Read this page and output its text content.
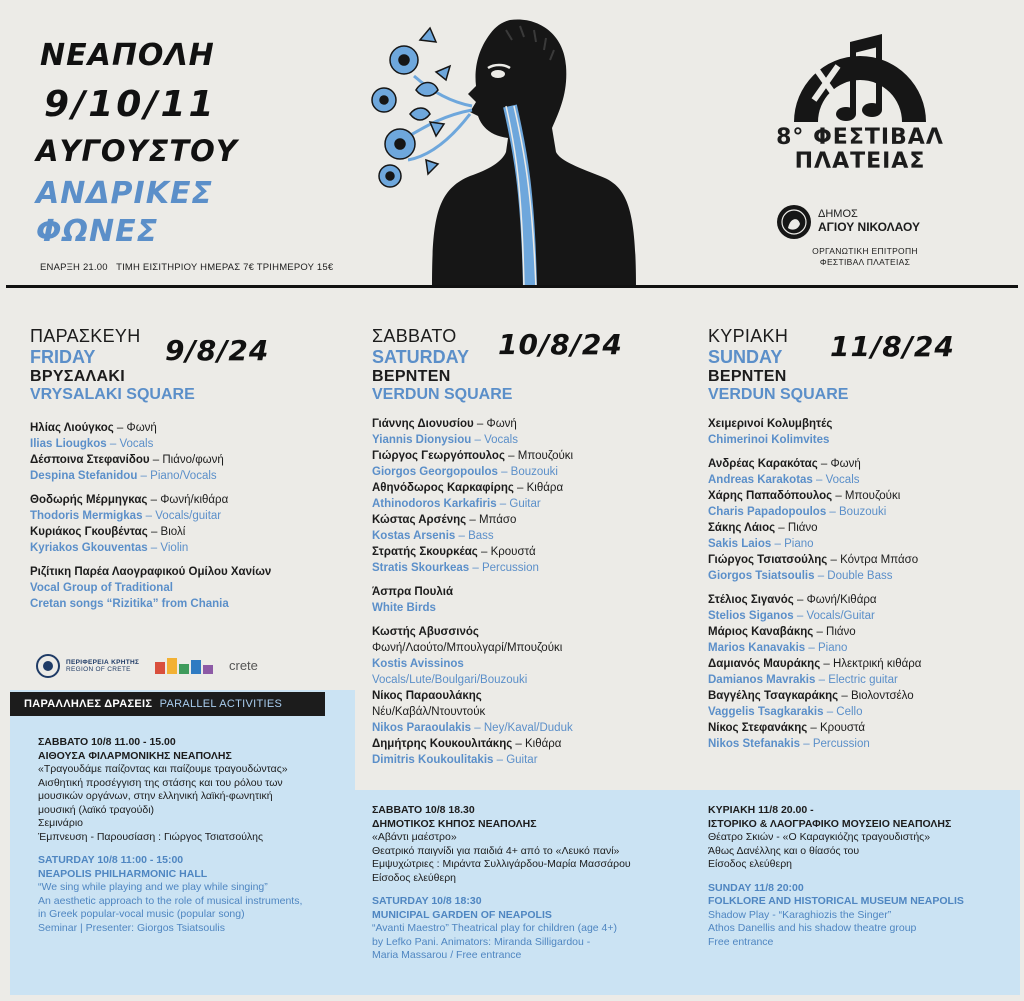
ΝΕΑΠΟΛΗ
9/10/11
ΑΥΓΟΥΣΤΟΥ
ΑΝΔΡΙΚΕΣ
ΦΩΝΕΣ
ΕΝΑΡΞΗ 21.00   ΤΙΜΗ ΕΙΣΙΤΗΡΙΟΥ ΗΜΕΡΑΣ 7€ ΤΡΙΗΜΕΡΟΥ 15€
8° ΦΕΣΤΙΒΑΛ
ΠΛΑΤΕΙΑΣ
ΔΗΜΟΣ
ΑΓΙΟΥ ΝΙΚΟΛΑΟΥ
ΟΡΓΑΝΩΤΙΚΗ ΕΠΙΤΡΟΠΗ
ΦΕΣΤΙΒΑΛ ΠΛΑΤΕΙΑΣ
ΠΑΡΑΣΚΕΥΗ
FRIDAY
ΒΡΥΣΑΛΑΚΙ
VRYSALAKI SQUARE
Ηλίας Λιούγκος – Φωνή
Ilias Liougkos – Vocals
Δέσποινα Στεφανίδου – Πιάνο/φωνή
Despina Stefanidou – Piano/Vocals
Θοδωρής Μέρμηγκας – Φωνή/κιθάρα
Thodoris Mermigkas – Vocals/guitar
Κυριάκος Γκουβέντας – Βιολί
Kyriakos Gkouventas – Violin
Ριζίτικη Παρέα Λαογραφικού Ομίλου Χανίων
Vocal Group of Traditional
Cretan songs “Rizitika” from Chania
9/8/24	ΣΑΒΒΑΤΟ
SATURDAY
ΒΕΡΝΤΕΝ
VERDUN SQUARE
Γιάννης Διονυσίου – Φωνή
Yiannis Dionysiou – Vocals
Γιώργος Γεωργόπουλος – Μπουζούκι
Giorgos Georgopoulos – Bouzouki
Αθηνόδωρος Καρκαφίρης – Κιθάρα
Athinodoros Karkafiris – Guitar
Κώστας Αρσένης – Μπάσο
Kostas Arsenis – Bass
Στρατής Σκουρκέας – Κρουστά
Stratis Skourkeas – Percussion
Άσπρα Πουλιά
White Birds
Κωστής Αβυσσινός
Φωνή/Λαούτο/Μπουλγαρί/Μπουζούκι
Kostis Avissinos
Vocals/Lute/Boulgari/Bouzouki
Νίκος Παραουλάκης
Νέυ/Καβάλ/Ντουντούκ
Nikos Paraoulakis – Ney/Kaval/Duduk
Δημήτρης Κουκουλιτάκης – Κιθάρα
Dimitris Koukoulitakis – Guitar
10/8/24	ΚΥΡΙΑΚΗ
SUNDAY
ΒΕΡΝΤΕΝ
VERDUN SQUARE
Χειμερινοί Κολυμβητές
Chimerinoi Kolimvites
Ανδρέας Καρακότας – Φωνή
Andreas Karakotas – Vocals
Χάρης Παπαδόπουλος – Μπουζούκι
Charis Papadopoulos – Bouzouki
Σάκης Λάιος – Πιάνο
Sakis Laios – Piano
Γιώργος Τσιατσούλης – Κόντρα Μπάσο
Giorgos Tsiatsoulis – Double Bass
Στέλιος Σιγανός – Φωνή/Κιθάρα
Stelios Siganos – Vocals/Guitar
Μάριος Καναβάκης – Πιάνο
Marios Kanavakis – Piano
Δαμιανός Μαυράκης – Ηλεκτρική κιθάρα
Damianos Mavrakis – Electric guitar
Βαγγέλης Τσαγκαράκης – Βιολοντσέλο
Vaggelis Tsagkarakis – Cello
Νίκος Στεφανάκης – Κρουστά
Nikos Stefanakis – Percussion
11/8/24
ΠΕΡΙΦΕΡΕΙΑ ΚΡΗΤΗΣ
REGION OF CRETE	crete
ΠΑΡΑΛΛΗΛΕΣ ΔΡΑΣΕΙΣ PARALLEL ACTIVITIES
ΣΑΒΒΑΤΟ 10/8 11.00 - 15.00
ΑΙΘΟΥΣΑ ΦΙΛΑΡΜΟΝΙΚΗΣ ΝΕΑΠΟΛΗΣ
«Τραγουδάμε παίζοντας και παίζουμε τραγουδώντας»
Αισθητική προσέγγιση της στάσης και του ρόλου των
μουσικών οργάνων, στην ελληνική λαϊκή-φωνητική
μουσική (λαϊκό τραγούδι)
Σεμινάριο
Έμπνευση - Παρουσίαση : Γιώργος Τσιατσούλης
SATURDAY 10/8 11:00 - 15:00
NEAPOLIS PHILHARMONIC HALL
“We sing while playing and we play while singing”
An aesthetic approach to the role of musical instruments,
in Greek popular-vocal music (popular song)
Seminar | Presenter: Giorgos Tsiatsoulis
ΣΑΒΒΑΤΟ 10/8 18.30
ΔΗΜΟΤΙΚΟΣ ΚΗΠΟΣ ΝΕΑΠΟΛΗΣ
«Αβάντι μαέστρο»
Θεατρικό παιγνίδι για παιδιά 4+ από το «Λευκό πανί»
Εμψυχώτριες : Μιράντα Συλλιγάρδου-Μαρία Μασσάρου
Είσοδος ελεύθερη
SATURDAY 10/8 18:30
MUNICIPAL GARDEN OF NEAPOLIS
“Avanti Maestro” Theatrical play for children (age 4+)
by Lefko Pani. Animators: Miranda Silligardou -
Maria Massarou / Free entrance
ΚΥΡΙΑΚΗ 11/8 20.00 -
ΙΣΤΟΡΙΚΟ & ΛΑΟΓΡΑΦΙΚΟ ΜΟΥΣΕΙΟ ΝΕΑΠΟΛΗΣ
Θέατρο Σκιών - «Ο Καραγκιόζης τραγουδιστής»
Άθως Δανέλλης και ο θίασός του
Είσοδος ελεύθερη
SUNDAY 11/8 20:00
FOLKLORE AND HISTORICAL MUSEUM NEAPOLIS
Shadow Play - “Karaghiozis the Singer”
Athos Danellis and his shadow theatre group
Free entrance
